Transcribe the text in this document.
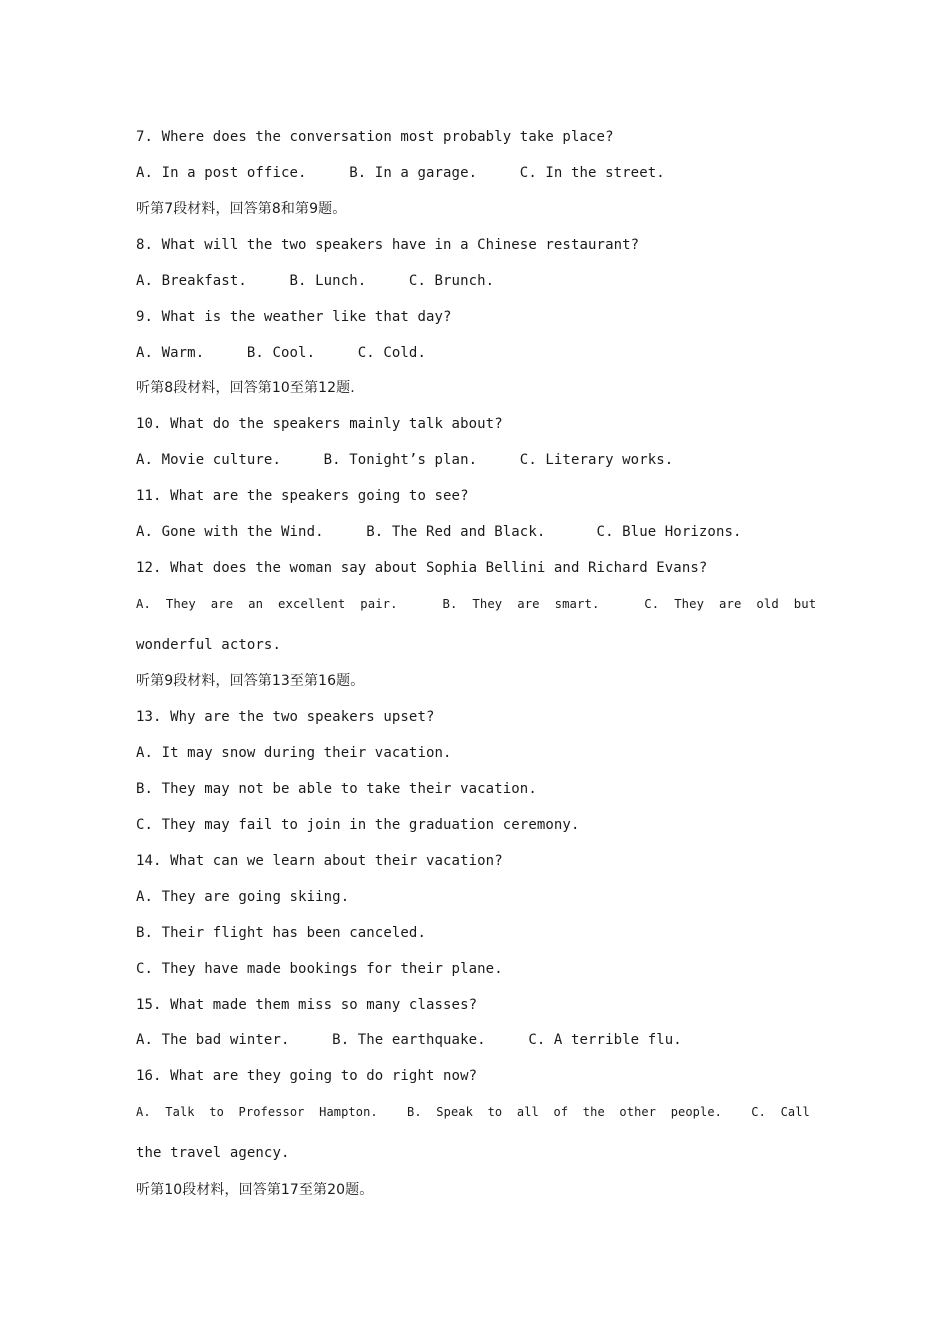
7. Where does the conversation most probably take place?
A. In a post office.     B. In a garage.     C. In the street.
听第7段材料，回答第8和第9题。
8. What will the two speakers have in a Chinese restaurant?
A. Breakfast.     B. Lunch.     C. Brunch.
9. What is the weather like that day?
A. Warm.     B. Cool.     C. Cold.
听第8段材料，回答第10至第12题.
10. What do the speakers mainly talk about?
A. Movie culture.     B. Tonight’s plan.     C. Literary works.
11. What are the speakers going to see?
A. Gone with the Wind.     B. The Red and Black.      C. Blue Horizons.
12. What does the woman say about Sophia Bellini and Richard Evans?
A.  They  are  an  excellent  pair.      B.  They  are  smart.      C.  They  are  old  but
wonderful actors.
听第9段材料，回答第13至第16题。
13. Why are the two speakers upset?
A. It may snow during their vacation.
B. They may not be able to take their vacation.
C. They may fail to join in the graduation ceremony.
14. What can we learn about their vacation?
A. They are going skiing.
B. Their flight has been canceled.
C. They have made bookings for their plane.
15. What made them miss so many classes?
A. The bad winter.     B. The earthquake.     C. A terrible flu.
16. What are they going to do right now?
A.  Talk  to  Professor  Hampton.    B.  Speak  to  all  of  the  other  people.    C.  Call
the travel agency.
听第10段材料，回答第17至第20题。
